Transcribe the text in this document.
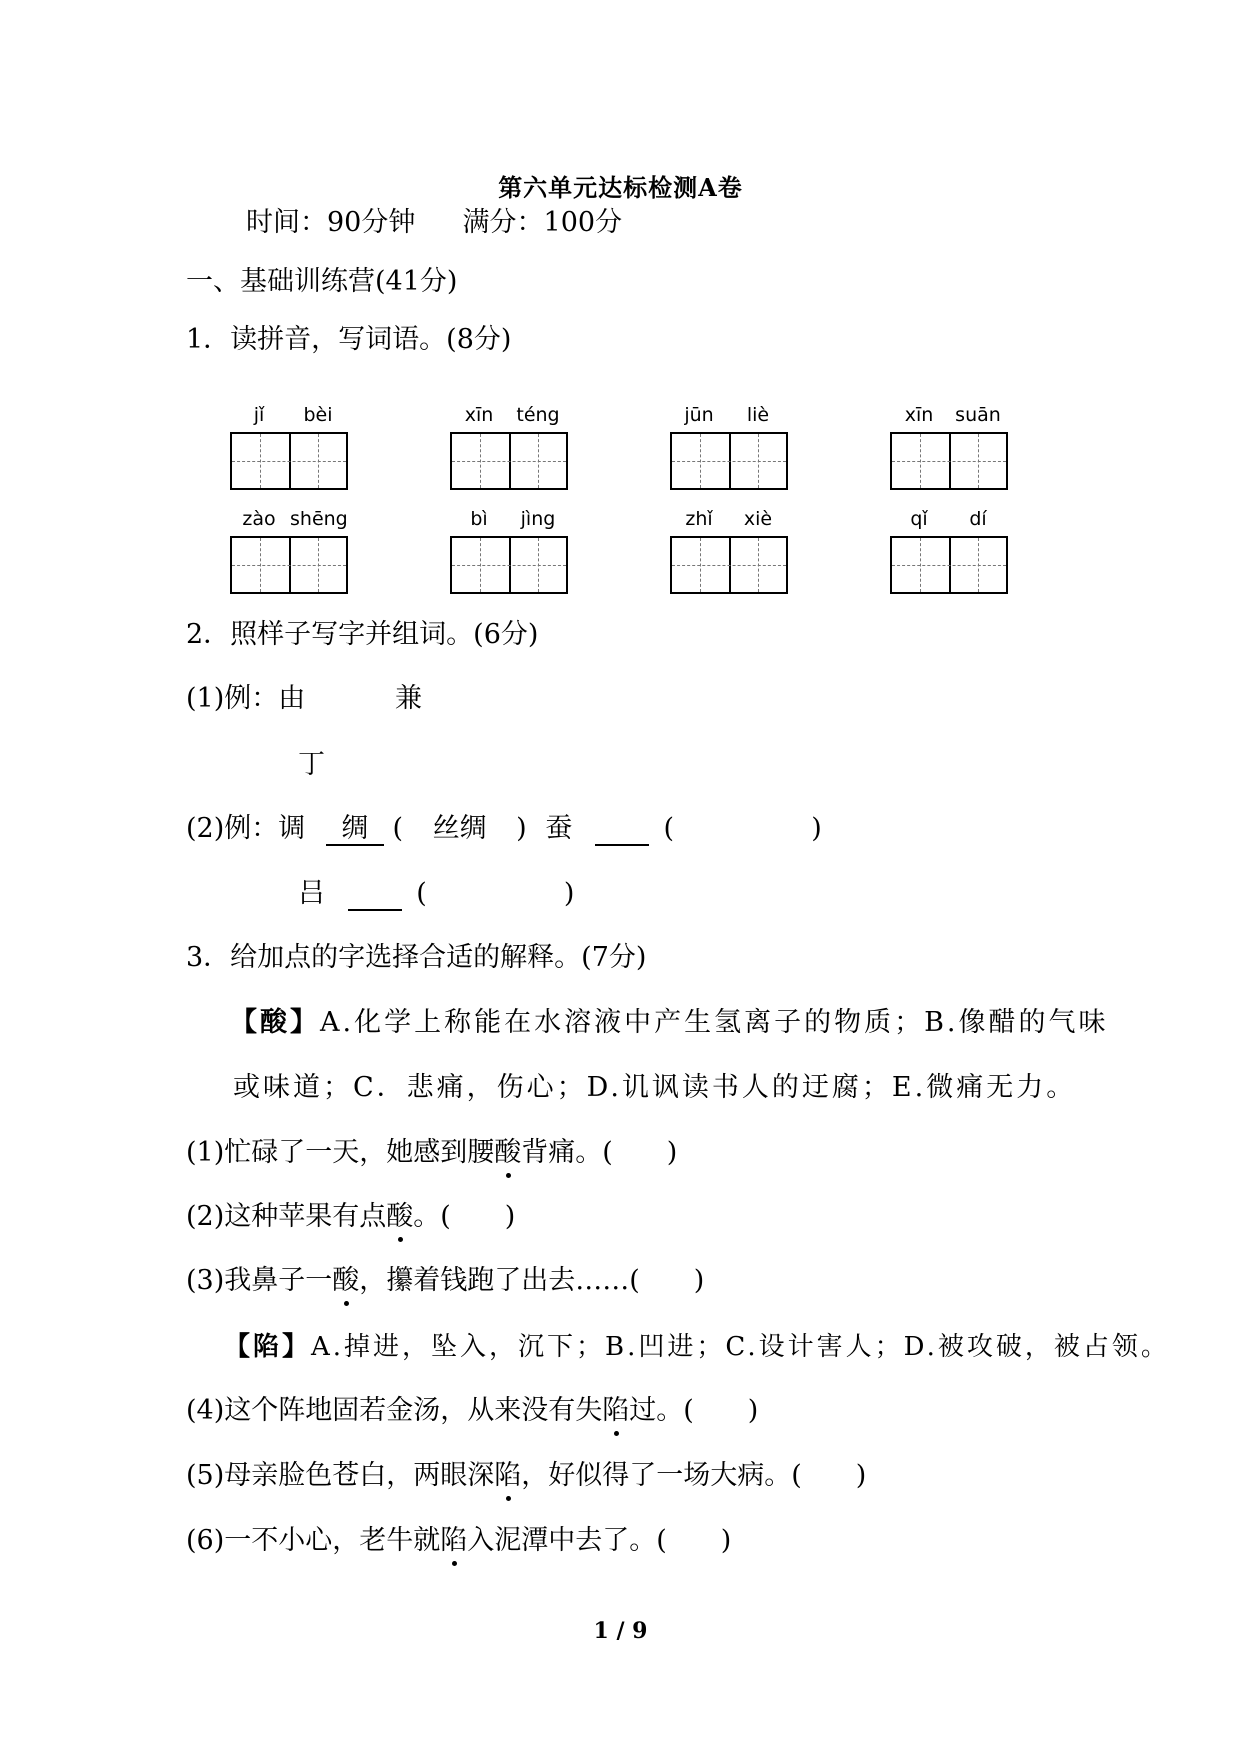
第六单元达标检测A卷
时间：90分钟 满分：100分
一、基础训练营(41分)
1．读拼音，写词语。(8分)
jǐ	bèi	xīn	téng	jūn	liè	xīn	suān
zào shēng	bì	jìng	zhǐ	xiè	qǐ	dí
2．照样子写字并组词。(6分)
(1)例：由	兼
丁
(2)例：调 绸 ( 丝绸 ) 蚕	(	)
吕	(	)
3．给加点的字选择合适的解释。(7分)
【酸】A.化学上称能在水溶液中产生氢离子的物质；B.像醋的气味
或味道；C．悲痛，伤心；D.讥讽读书人的迂腐；E.微痛无力。
(1)忙碌了一天，她感到腰酸背痛。(　　)
(2)这种苹果有点酸。(　　)
(3)我鼻子一酸，攥着钱跑了出去……(　　)
【陷】A.掉进，坠入，沉下；B.凹进；C.设计害人；D.被攻破，被占领。
(4)这个阵地固若金汤，从来没有失陷过。(　　)
(5)母亲脸色苍白，两眼深陷，好似得了一场大病。(　　)
(6)一不小心，老牛就陷入泥潭中去了。(　　)
1 / 9
